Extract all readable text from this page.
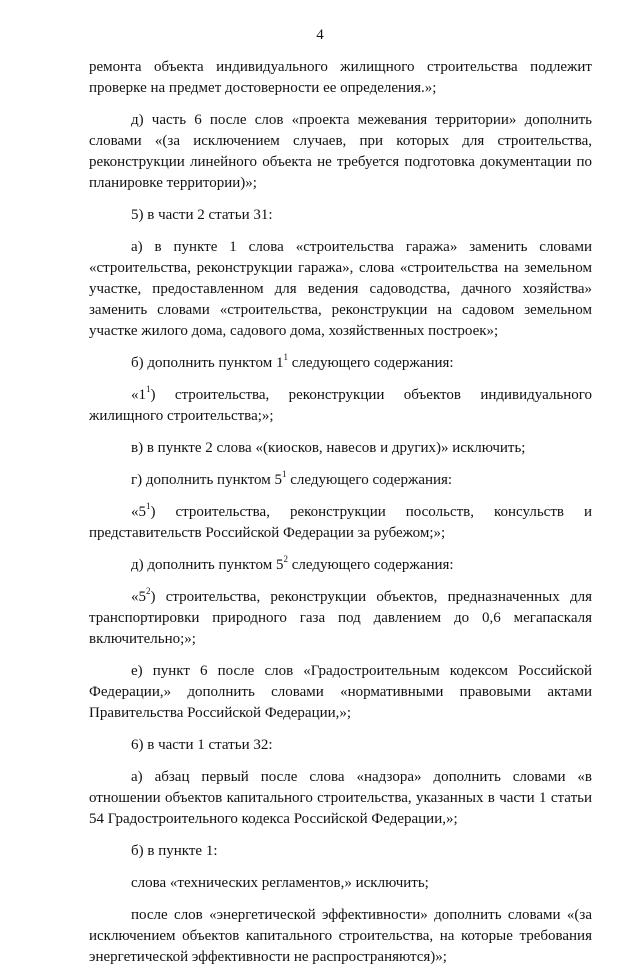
4

ремонта объекта индивидуального жилищного строительства подлежит проверке на предмет достоверности ее определения.»;

д) часть 6 после слов «проекта межевания территории» дополнить словами «(за исключением случаев, при которых для строительства, реконструкции линейного объекта не требуется подготовка документации по планировке территории)»;

5) в части 2 статьи 31:

а) в пункте 1 слова «строительства гаража» заменить словами «строительства, реконструкции гаража», слова «строительства на земельном участке, предоставленном для ведения садоводства, дачного хозяйства» заменить словами «строительства, реконструкции на садовом земельном участке жилого дома, садового дома, хозяйственных построек»;

б) дополнить пунктом $1^1$ следующего содержания:

«$1^1$) строительства, реконструкции объектов индивидуального жилищного строительства;»;

в) в пункте 2 слова «(киосков, навесов и других)» исключить;

г) дополнить пунктом $5^1$ следующего содержания:

«$5^1$) строительства, реконструкции посольств, консульств и представительств Российской Федерации за рубежом;»;

д) дополнить пунктом $5^2$ следующего содержания:

«$5^2$) строительства, реконструкции объектов, предназначенных для транспортировки природного газа под давлением до 0,6 мегапаскаля включительно;»;

е) пункт 6 после слов «Градостроительным кодексом Российской Федерации,» дополнить словами «нормативными правовыми актами Правительства Российской Федерации,»;

6) в части 1 статьи 32:

а) абзац первый после слова «надзора» дополнить словами «в отношении объектов капитального строительства, указанных в части 1 статьи 54 Градостроительного кодекса Российской Федерации,»;

б) в пункте 1:

слова «технических регламентов,» исключить;

после слов «энергетической эффективности» дополнить словами «(за исключением объектов капитального строительства, на которые требования энергетической эффективности не распространяются)»;
